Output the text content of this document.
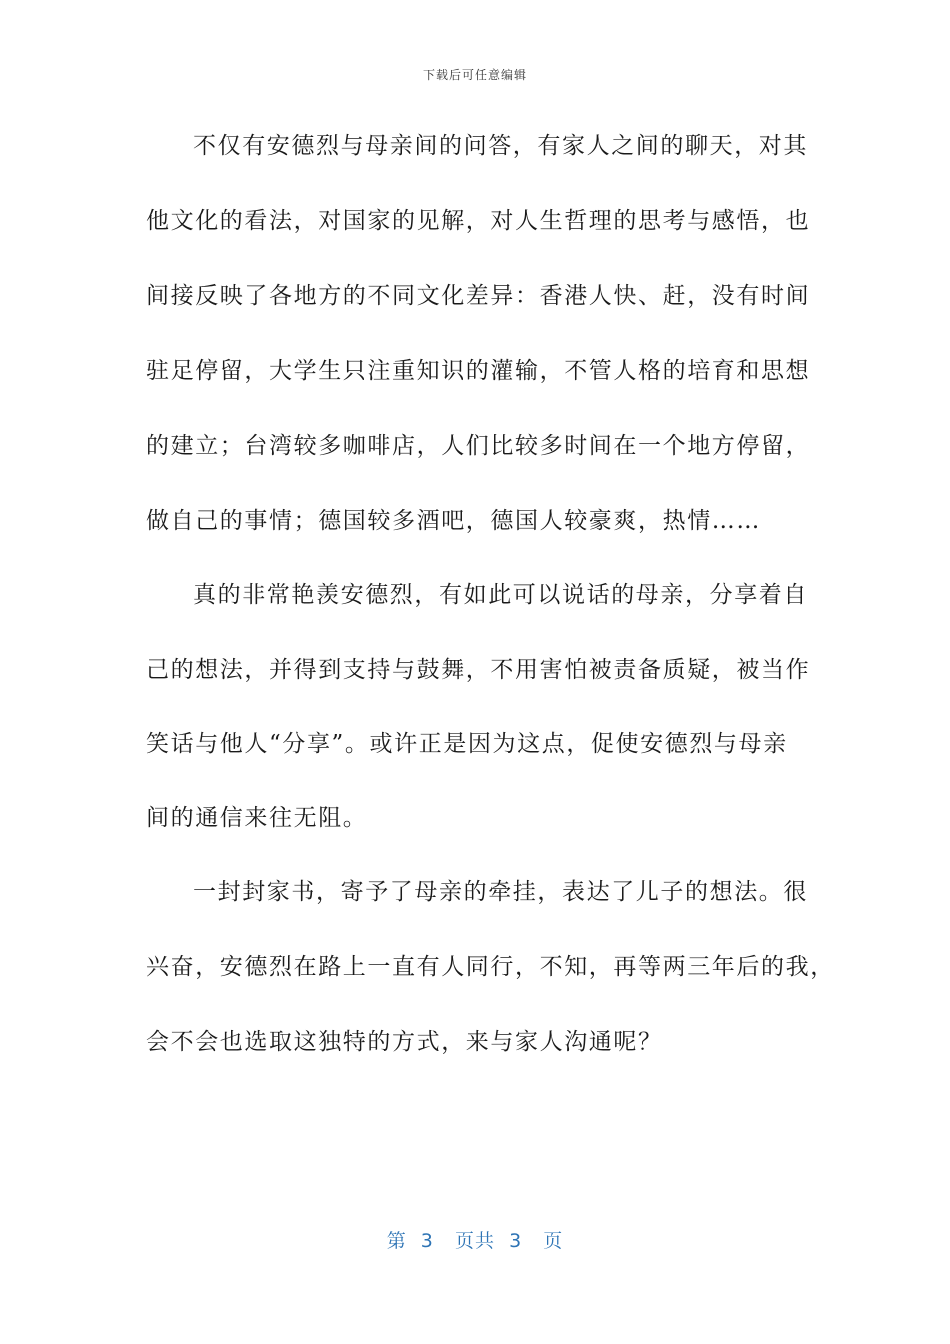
下载后可任意编辑
不仅有安德烈与母亲间的问答，有家人之间的聊天，对其
他文化的看法，对国家的见解，对人生哲理的思考与感悟，也
间接反映了各地方的不同文化差异：香港人快、赶，没有时间
驻足停留，大学生只注重知识的灌输，不管人格的培育和思想
的建立；台湾较多咖啡店，人们比较多时间在一个地方停留，
做自己的事情；德国较多酒吧，德国人较豪爽，热情……
真的非常艳羡安德烈，有如此可以说话的母亲，分享着自
己的想法，并得到支持与鼓舞，不用害怕被责备质疑，被当作
笑话与他人“分享”。或许正是因为这点，促使安德烈与母亲
间的通信来往无阻。
一封封家书，寄予了母亲的牵挂，表达了儿子的想法。很
兴奋，安德烈在路上一直有人同行，不知，再等两三年后的我，
会不会也选取这独特的方式，来与家人沟通呢？
第  3   页共  3   页
